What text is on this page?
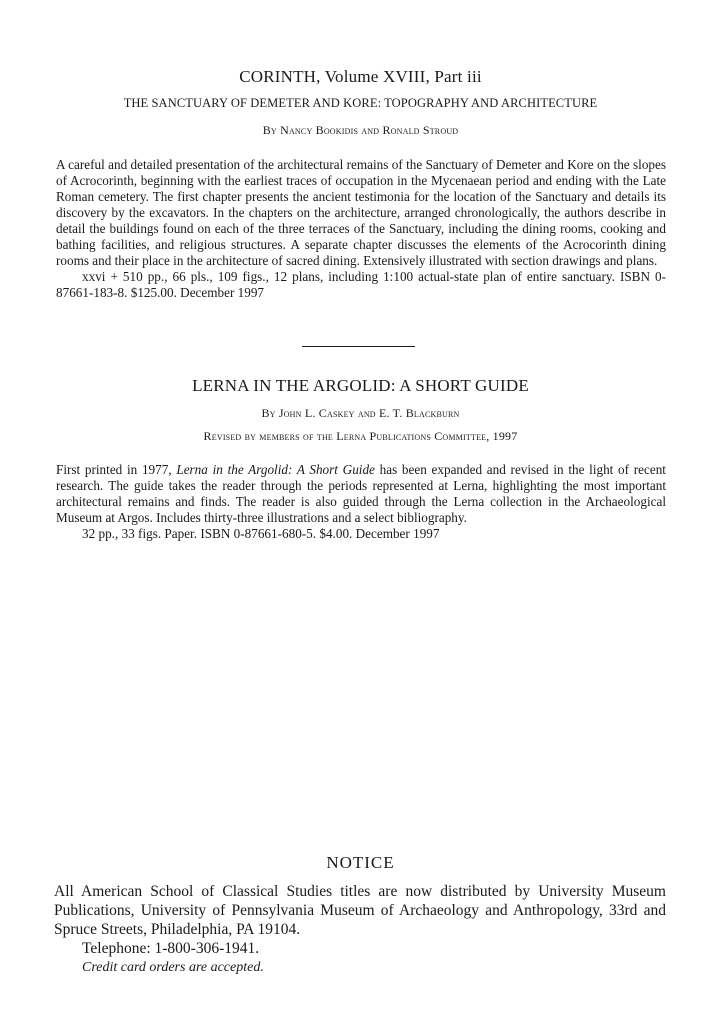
CORINTH, Volume XVIII, Part iii
THE SANCTUARY OF DEMETER AND KORE: TOPOGRAPHY AND ARCHITECTURE
By Nancy Bookidis and Ronald Stroud

A careful and detailed presentation of the architectural remains of the Sanctuary of Demeter and Kore on the slopes of Acrocorinth, beginning with the earliest traces of occupation in the Mycenaean period and ending with the Late Roman cemetery. The first chapter presents the ancient testimonia for the location of the Sanctuary and details its discovery by the excavators. In the chapters on the architecture, arranged chronologically, the authors describe in detail the buildings found on each of the three terraces of the Sanctuary, including the dining rooms, cooking and bathing facilities, and religious structures. A separate chapter discusses the elements of the Acrocorinth dining rooms and their place in the architecture of sacred dining. Extensively illustrated with section drawings and plans.

xxvi + 510 pp., 66 pls., 109 figs., 12 plans, including 1:100 actual-state plan of entire sanctuary. ISBN 0-87661-183-8. $125.00. December 1997

LERNA IN THE ARGOLID: A SHORT GUIDE
By John L. Caskey and E. T. Blackburn
Revised by members of the Lerna Publications Committee, 1997

First printed in 1977, Lerna in the Argolid: A Short Guide has been expanded and revised in the light of recent research. The guide takes the reader through the periods represented at Lerna, highlighting the most important architectural remains and finds. The reader is also guided through the Lerna collection in the Archaeological Museum at Argos. Includes thirty-three illustrations and a select bibliography.

32 pp., 33 figs. Paper. ISBN 0-87661-680-5. $4.00. December 1997

NOTICE

All American School of Classical Studies titles are now distributed by University Museum Publications, University of Pennsylvania Museum of Archaeology and Anthropology, 33rd and Spruce Streets, Philadelphia, PA 19104.

Telephone: 1-800-306-1941.

Credit card orders are accepted.
